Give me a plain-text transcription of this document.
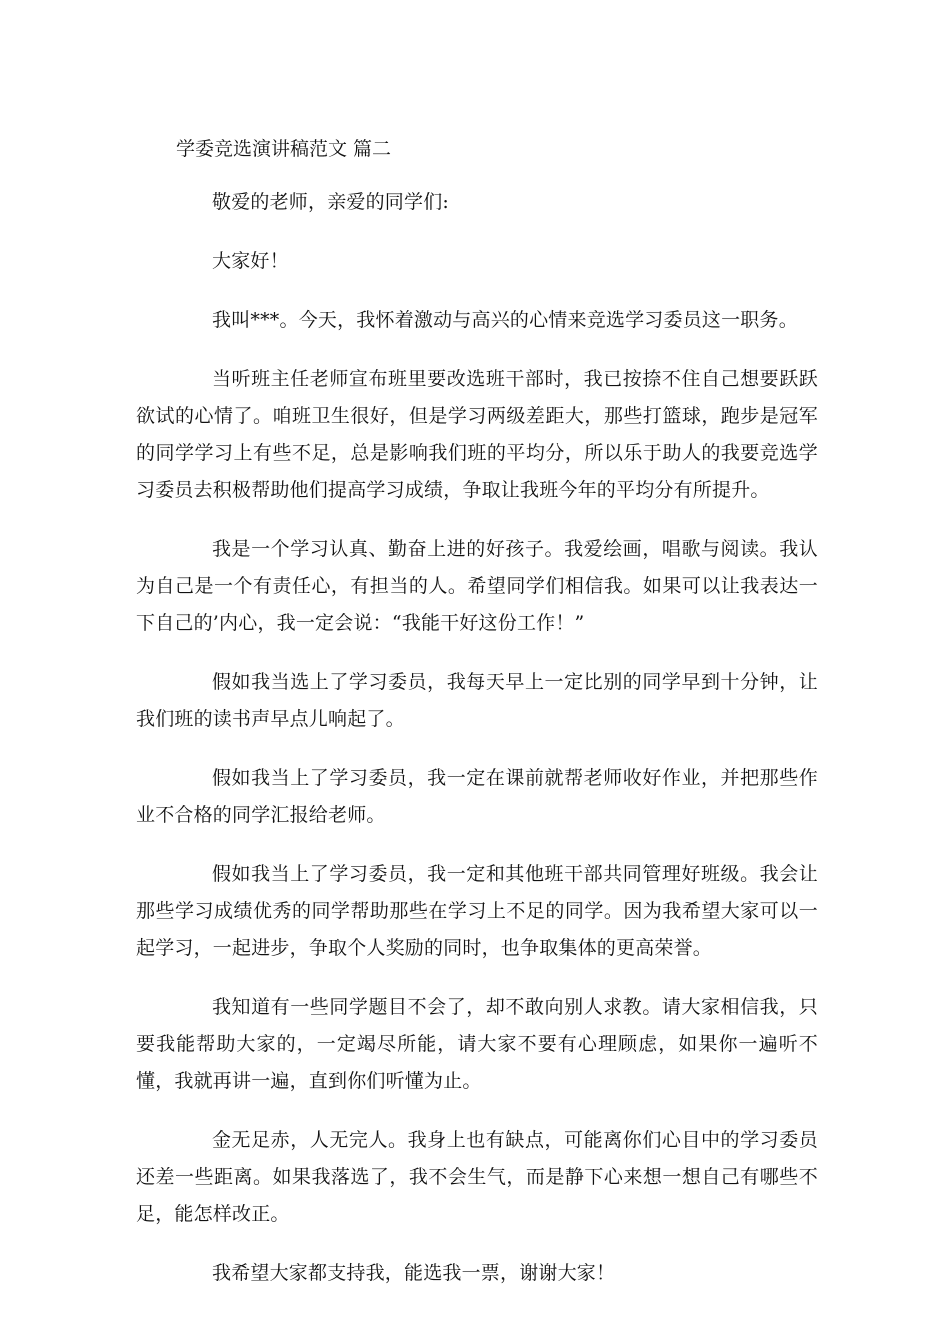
学委竞选演讲稿范文 篇二

敬爱的老师，亲爱的同学们:

大家好！

我叫***。今天，我怀着激动与高兴的心情来竞选学习委员这一职务。

当听班主任老师宣布班里要改选班干部时，我已按捺不住自己想要跃跃欲试的心情了。咱班卫生很好，但是学习两级差距大，那些打篮球，跑步是冠军的同学学习上有些不足，总是影响我们班的平均分，所以乐于助人的我要竞选学习委员去积极帮助他们提高学习成绩，争取让我班今年的平均分有所提升。

我是一个学习认真、勤奋上进的好孩子。我爱绘画，唱歌与阅读。我认为自己是一个有责任心，有担当的人。希望同学们相信我。如果可以让我表达一下自己的’内心，我一定会说：“我能干好这份工作！”

假如我当选上了学习委员，我每天早上一定比别的同学早到十分钟，让我们班的读书声早点儿响起了。

假如我当上了学习委员，我一定在课前就帮老师收好作业，并把那些作业不合格的同学汇报给老师。

假如我当上了学习委员，我一定和其他班干部共同管理好班级。我会让那些学习成绩优秀的同学帮助那些在学习上不足的同学。因为我希望大家可以一起学习，一起进步，争取个人奖励的同时，也争取集体的更高荣誉。

我知道有一些同学题目不会了，却不敢向别人求教。请大家相信我，只要我能帮助大家的，一定竭尽所能，请大家不要有心理顾虑，如果你一遍听不懂，我就再讲一遍，直到你们听懂为止。

金无足赤，人无完人。我身上也有缺点，可能离你们心目中的学习委员还差一些距离。如果我落选了，我不会生气，而是静下心来想一想自己有哪些不足，能怎样改正。

我希望大家都支持我，能选我一票，谢谢大家！
